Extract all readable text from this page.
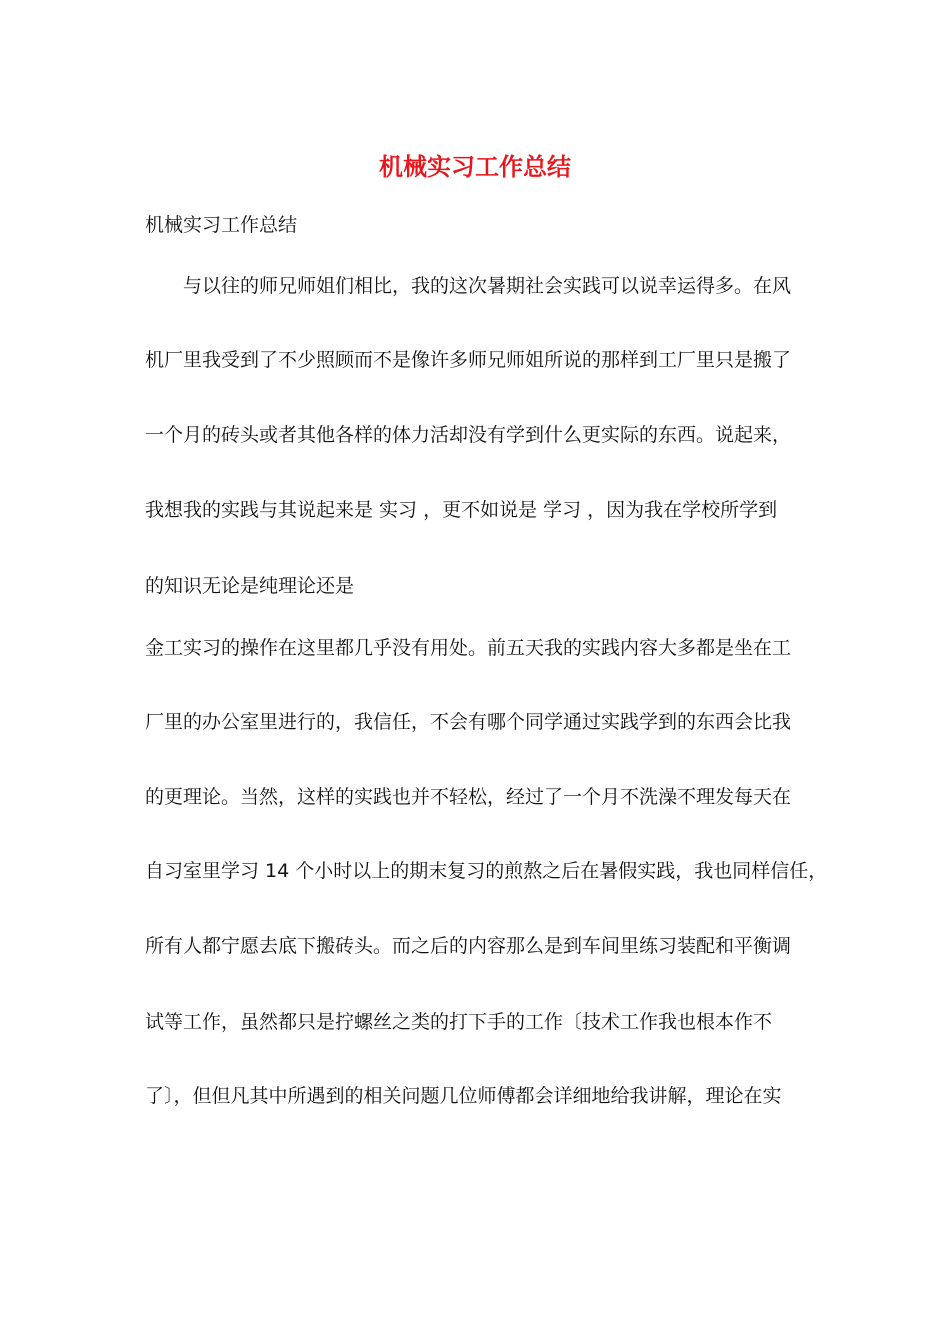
机械实习工作总结

机械实习工作总结

　　与以往的师兄师姐们相比，我的这次暑期社会实践可以说幸运得多。在风

机厂里我受到了不少照顾而不是像许多师兄师姐所说的那样到工厂里只是搬了

一个月的砖头或者其他各样的体力活却没有学到什么更实际的东西。说起来，

我想我的实践与其说起来是 实习 ，更不如说是 学习 ，因为我在学校所学到

的知识无论是纯理论还是

金工实习的操作在这里都几乎没有用处。前五天我的实践内容大多都是坐在工

厂里的办公室里进行的，我信任，不会有哪个同学通过实践学到的东西会比我

的更理论。当然，这样的实践也并不轻松，经过了一个月不洗澡不理发每天在

自习室里学习 14 个小时以上的期末复习的煎熬之后在暑假实践，我也同样信任，

所有人都宁愿去底下搬砖头。而之后的内容那么是到车间里练习装配和平衡调

试等工作，虽然都只是拧螺丝之类的打下手的工作〔技术工作我也根本作不

了〕，但但凡其中所遇到的相关问题几位师傅都会详细地给我讲解，理论在实
